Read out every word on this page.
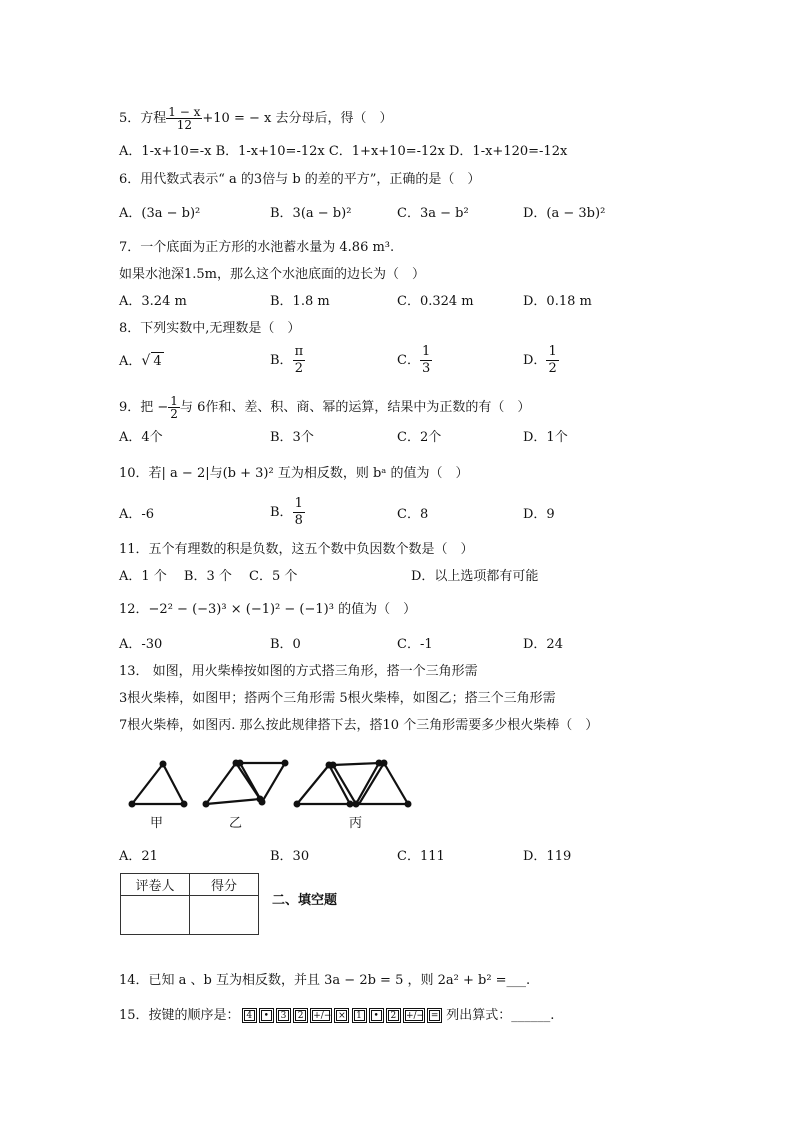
5．方程 $\frac{1 - x}{12} +10$ = − x 去分母后，得（　）
A．1-x+10=-x B．1-x+10=-12x C．1+x+10=-12x D．1-x+120=-12x
6．用代数式表示“ a 的3倍与 b 的差的平方”，正确的是（　）
A．(3a − b)²	B．3(a − b)²	C．3a − b²	D．(a − 3b)²
7．一个底面为正方形的水池蓄水量为 4.86 m³.
如果水池深1.5m，那么这个水池底面的边长为（　）
A．3.24 m	B．1.8 m	C．0.324 m	D．0.18 m
8．下列实数中,无理数是（　）
A．√ 4	B． $\frac{\pi}{2}$	C． $\frac{1}{3}$	D． $\frac{1}{2}$
9．把 − $\frac{1}{2}$ 与 6作和、差、积、商、幂的运算，结果中为正数的有（　）
A．4个	B．3个	C．2个	D．1个
10．若| a − 2|与(b + 3)² 互为相反数，则 bᵃ 的值为（　）
A．-6	B． $\frac{1}{8}$	C．8	D．9
11．五个有理数的积是负数，这五个数中负因数个数是（　）
A．1 个　 B．3 个　 C．5 个	D．以上选项都有可能
12．−2² − (−3)³ × (−1)² − (−1)³ 的值为（　）
A．-30	B．0	C．-1	D．24
13． 如图，用火柴棒按如图的方式搭三角形，搭一个三角形需
3根火柴棒，如图甲；搭两个三角形需 5根火柴棒，如图乙；搭三个三角形需
7根火柴棒，如图丙. 那么按此规律搭下去，搭10 个三角形需要多少根火柴棒（　）
甲	乙	丙
A．21	B．30	C．111	D．119
评卷人	得分

二、填空题
14．已知 a 、b 互为相反数，并且 3a − 2b = 5 ，则 2a² + b² =___.
15．按键的顺序是： 4 • 3 2 +/− × 1 • 2 +/− = 列出算式：______.
